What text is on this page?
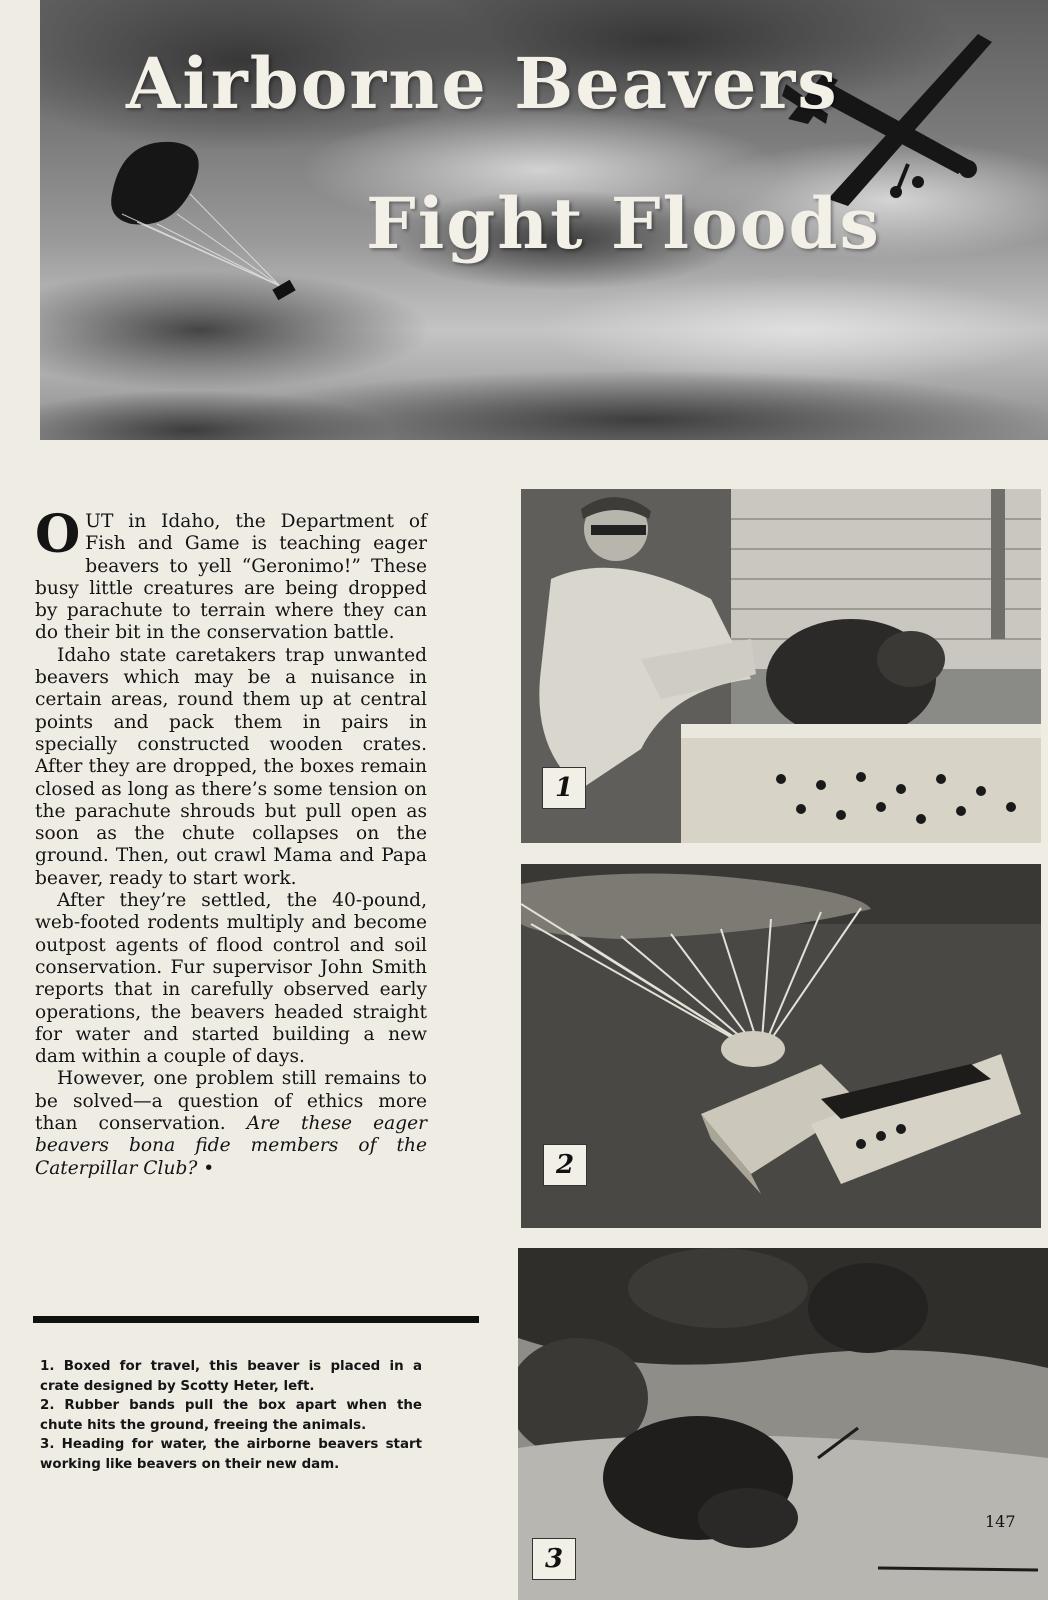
Airborne Beavers
Fight Floods

OUT in Idaho, the Department of Fish and Game is teaching eager beavers to yell “Geronimo!” These busy little creatures are being dropped by parachute to terrain where they can do their bit in the conservation battle.

Idaho state caretakers trap unwanted beavers which may be a nuisance in certain areas, round them up at central points and pack them in pairs in specially constructed wooden crates. After they are dropped, the boxes remain closed as long as there’s some tension on the parachute shrouds but pull open as soon as the chute collapses on the ground. Then, out crawl Mama and Papa beaver, ready to start work.

After they’re settled, the 40-pound, web-footed rodents multiply and become outpost agents of flood control and soil conservation. Fur supervisor John Smith reports that in carefully observed early operations, the beavers headed straight for water and started building a new dam within a couple of days.

However, one problem still remains to be solved—a question of ethics more than conservation. Are these eager beavers bona fide members of the Caterpillar Club? •

1. Boxed for travel, this beaver is placed in a crate designed by Scotty Heter, left.

2. Rubber bands pull the box apart when the chute hits the ground, freeing the animals.

3. Heading for water, the airborne beavers start working like beavers on their new dam.

1
2
3
147
